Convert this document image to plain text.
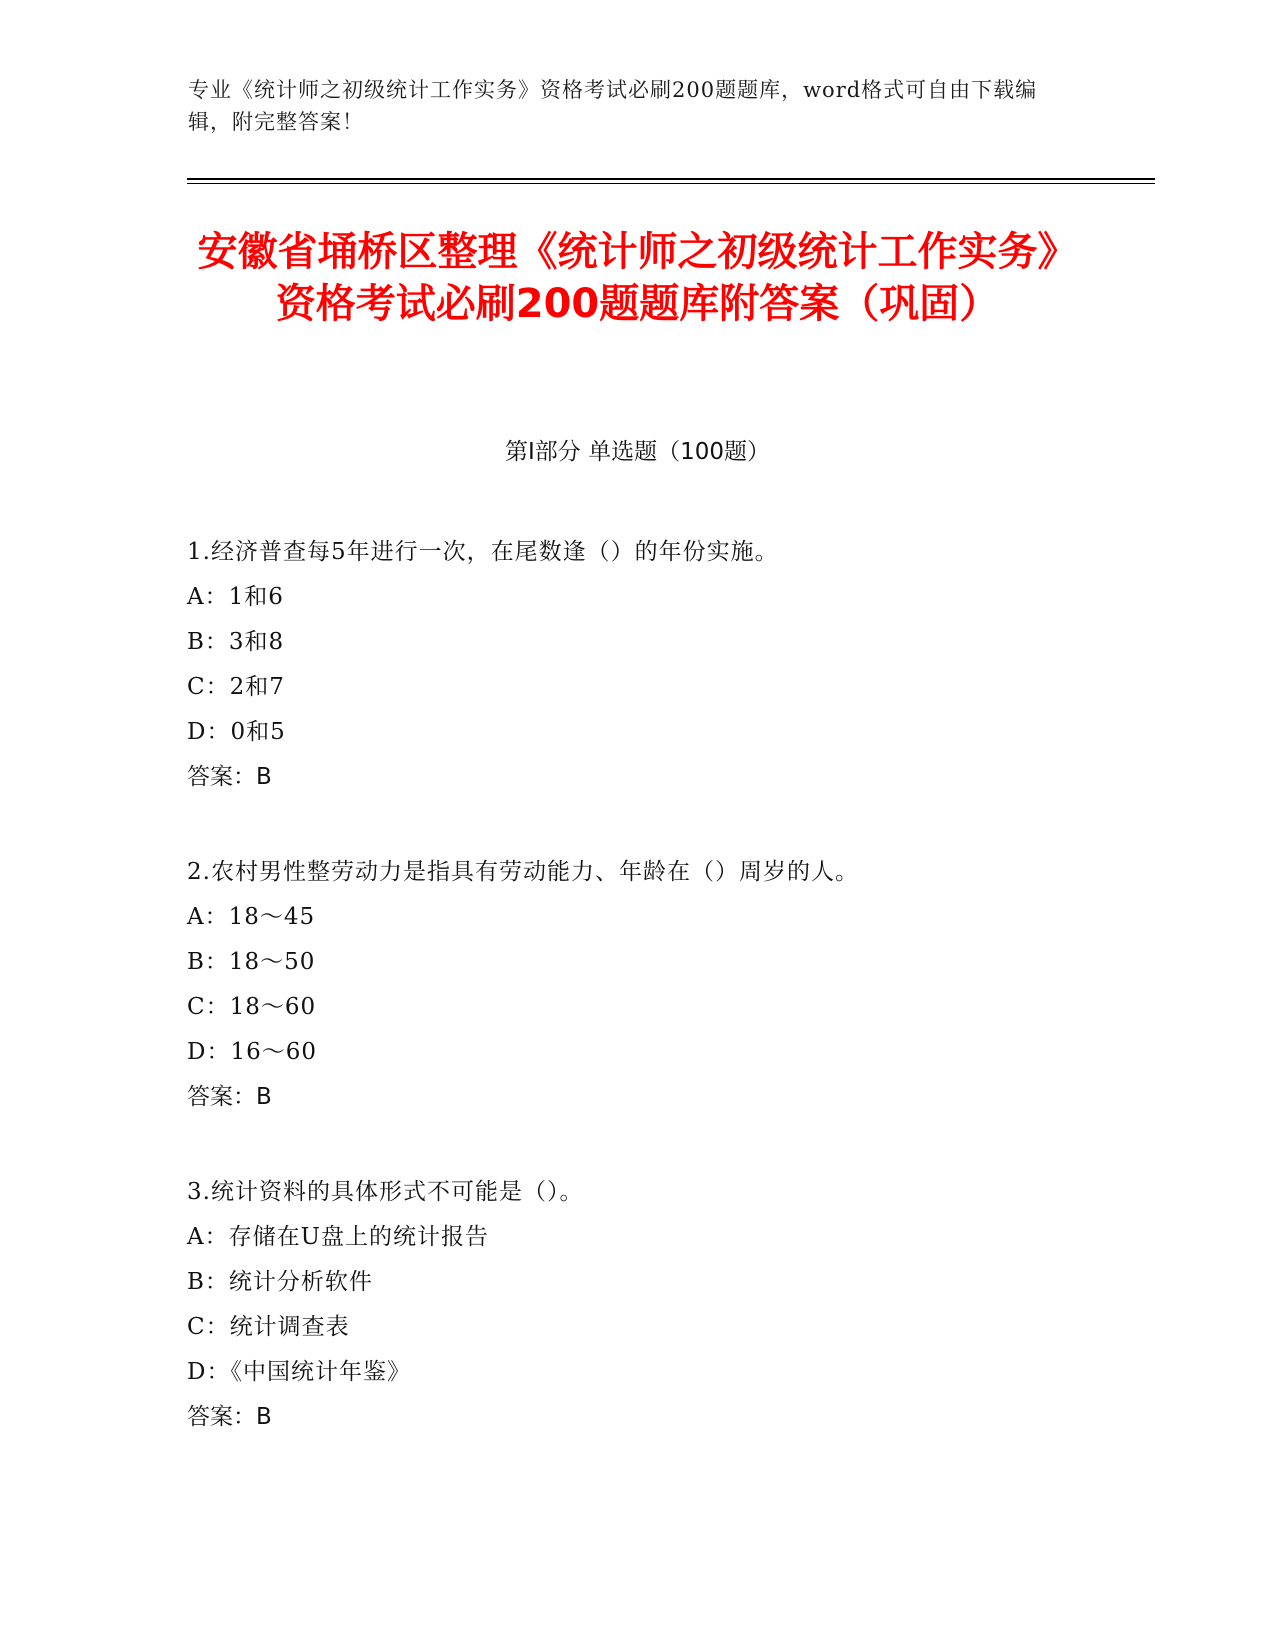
专业《统计师之初级统计工作实务》资格考试必刷200题题库，word格式可自由下载编辑，附完整答案！
安徽省埇桥区整理《统计师之初级统计工作实务》资格考试必刷200题题库附答案（巩固）
第I部分 单选题（100题）
1.经济普查每5年进行一次，在尾数逢（）的年份实施。
A：1和6
B：3和8
C：2和7
D：0和5
答案：B
2.农村男性整劳动力是指具有劳动能力、年龄在（）周岁的人。
A：18～45
B：18～50
C：18～60
D：16～60
答案：B
3.统计资料的具体形式不可能是（）。
A：存储在U盘上的统计报告
B：统计分析软件
C：统计调查表
D：《中国统计年鉴》
答案：B
